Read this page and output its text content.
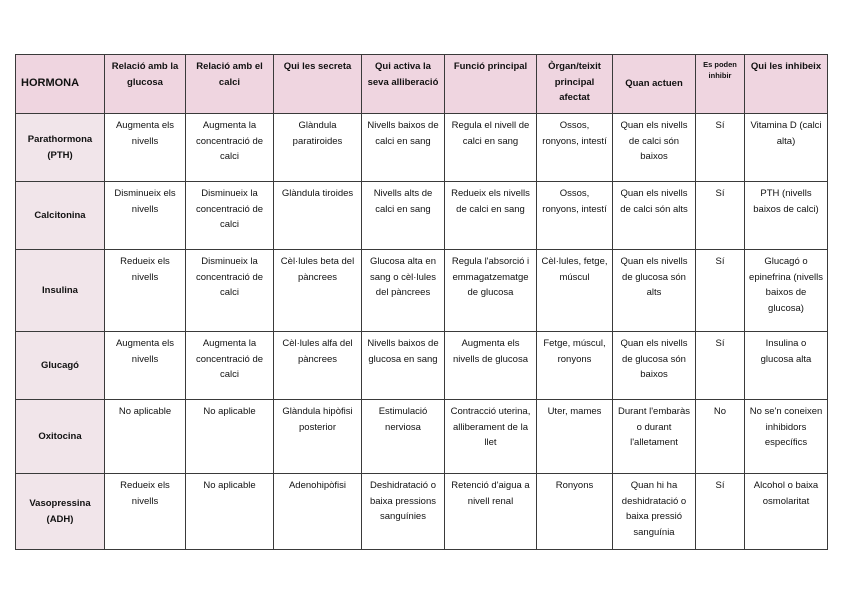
HORMONA	Relació amb la glucosa	Relació amb el calci	Qui les secreta	Qui activa la seva alliberació	Funció principal	Òrgan/teixit principal afectat	Quan actuen	Es poden inhibir	Qui les inhibeix
Parathormona (PTH)	Augmenta els nivells	Augmenta la concentració de calci	Glàndula paratiroides	Nivells baixos de calci en sang	Regula el nivell de calci en sang	Ossos, ronyons, intestí	Quan els nivells de calci són baixos	Sí	Vitamina D (calci alta)
Calcitonina	Disminueix els nivells	Disminueix la concentració de calci	Glàndula tiroides	Nivells alts de calci en sang	Redueix els nivells de calci en sang	Ossos, ronyons, intestí	Quan els nivells de calci són alts	Sí	PTH (nivells baixos de calci)
Insulina	Redueix els nivells	Disminueix la concentració de calci	Cèl·lules beta del pàncrees	Glucosa alta en sang o cèl·lules del pàncrees	Regula l'absorció i emmagatzematge de glucosa	Cèl·lules, fetge, múscul	Quan els nivells de glucosa són alts	Sí	Glucagó o epinefrina (nivells baixos de glucosa)
Glucagó	Augmenta els nivells	Augmenta la concentració de calci	Cèl·lules alfa del pàncrees	Nivells baixos de glucosa en sang	Augmenta els nivells de glucosa	Fetge, múscul, ronyons	Quan els nivells de glucosa són baixos	Sí	Insulina o glucosa alta
Oxitocina	No aplicable	No aplicable	Glàndula hipòfisi posterior	Estimulació nerviosa	Contracció uterina, alliberament de la llet	Uter, mames	Durant l'embaràs o durant l'alletament	No	No se'n coneixen inhibidors específics
Vasopressina (ADH)	Redueix els nivells	No aplicable	Adenohipòfisi	Deshidratació o baixa pressions sanguínies	Retenció d'aigua a nivell renal	Ronyons	Quan hi ha deshidratació o baixa pressió sanguínia	Sí	Alcohol o baixa osmolaritat
